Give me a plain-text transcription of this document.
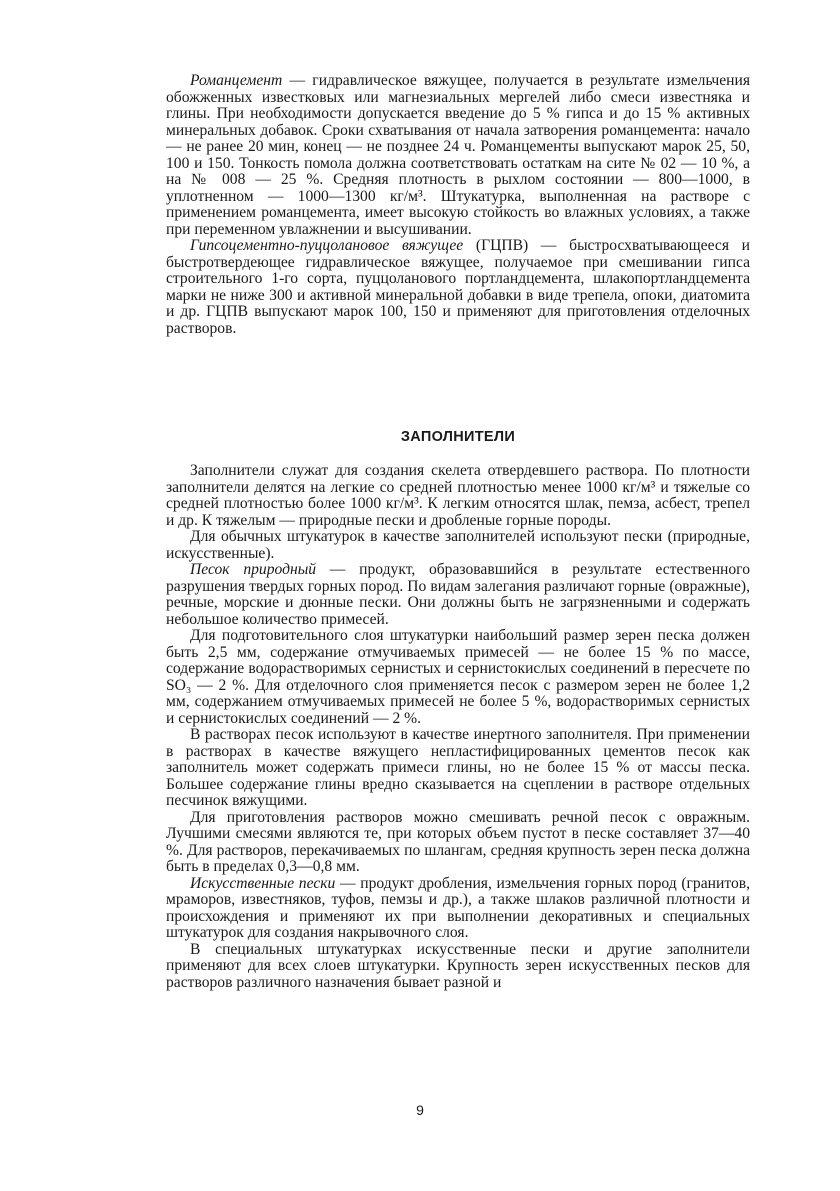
Романцемент — гидравлическое вяжущее, получается в результате измельчения обожженных известковых или магнезиальных мергелей либо смеси известняка и глины. При необходимости допускается введение до 5 % гипса и до 15 % активных минеральных добавок. Сроки схватывания от начала затворения романцемента: начало — не ранее 20 мин, конец — не позднее 24 ч. Романцементы выпускают марок 25, 50, 100 и 150. Тонкость помола должна соответствовать остаткам на сите № 02 — 10 %, а на № 008 — 25 %. Средняя плотность в рыхлом состоянии — 800—1000, в уплотненном — 1000—1300 кг/м³. Штукатурка, выполненная на растворе с применением романцемента, имеет высокую стойкость во влажных условиях, а также при переменном увлажнении и высушивании.

Гипсоцементно-пуццолановое вяжущее (ГЦПВ) — быстросхватывающееся и быстротвердеющее гидравлическое вяжущее, получаемое при смешивании гипса строительного 1-го сорта, пуццоланового портландцемента, шлакопортландцемента марки не ниже 300 и активной минеральной добавки в виде трепела, опоки, диатомита и др. ГЦПВ выпускают марок 100, 150 и применяют для приготовления отделочных растворов.

ЗАПОЛНИТЕЛИ

Заполнители служат для создания скелета отвердевшего раствора. По плотности заполнители делятся на легкие со средней плотностью менее 1000 кг/м³ и тяжелые со средней плотностью более 1000 кг/м³. К легким относятся шлак, пемза, асбест, трепел и др. К тяжелым — природные пески и дробленые горные породы.

Для обычных штукатурок в качестве заполнителей используют пески (природные, искусственные).

Песок природный — продукт, образовавшийся в результате естественного разрушения твердых горных пород. По видам залегания различают горные (овражные), речные, морские и дюнные пески. Они должны быть не загрязненными и содержать небольшое количество примесей.

Для подготовительного слоя штукатурки наибольший размер зерен песка должен быть 2,5 мм, содержание отмучиваемых примесей — не более 15 % по массе, содержание водорастворимых сернистых и сернистокислых соединений в пересчете по SO₃ — 2 %. Для отделочного слоя применяется песок с размером зерен не более 1,2 мм, содержанием отмучиваемых примесей не более 5 %, водорастворимых сернистых и сернистокислых соединений — 2 %.

В растворах песок используют в качестве инертного заполнителя. При применении в растворах в качестве вяжущего непластифицированных цементов песок как заполнитель может содержать примеси глины, но не более 15 % от массы песка. Большее содержание глины вредно сказывается на сцеплении в растворе отдельных песчинок вяжущими.

Для приготовления растворов можно смешивать речной песок с овражным. Лучшими смесями являются те, при которых объем пустот в песке составляет 37—40 %. Для растворов, перекачиваемых по шлангам, средняя крупность зерен песка должна быть в пределах 0,3—0,8 мм.

Искусственные пески — продукт дробления, измельчения горных пород (гранитов, мраморов, известняков, туфов, пемзы и др.), а также шлаков различной плотности и происхождения и применяют их при выполнении декоративных и специальных штукатурок для создания накрывочного слоя.

В специальных штукатурках искусственные пески и другие заполнители применяют для всех слоев штукатурки. Крупность зерен искусственных песков для растворов различного назначения бывает разной и

9
